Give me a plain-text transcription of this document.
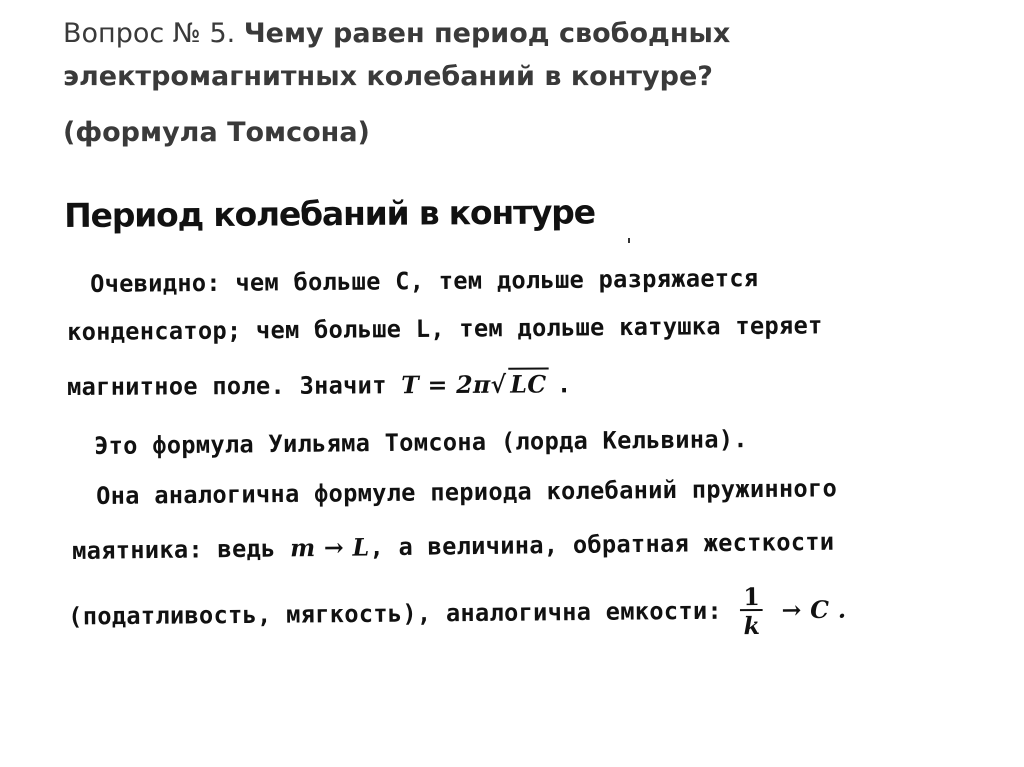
Вопрос № 5. Чему равен период свободных электромагнитных колебаний в контуре?
(формула Томсона)
Период колебаний в контуре
Очевидно: чем больше C, тем дольше разряжается
конденсатор; чем больше L, тем дольше катушка теряет
магнитное поле. Значит T = 2π√ LC .
Это формула Уильяма Томсона (лорда Кельвина).
Она аналогична формуле периода колебаний пружинного
маятника: ведь m → L, а величина, обратная жесткости
(податливость, мягкость), аналогична емкости: $\frac{1}{k} \to C$ .
